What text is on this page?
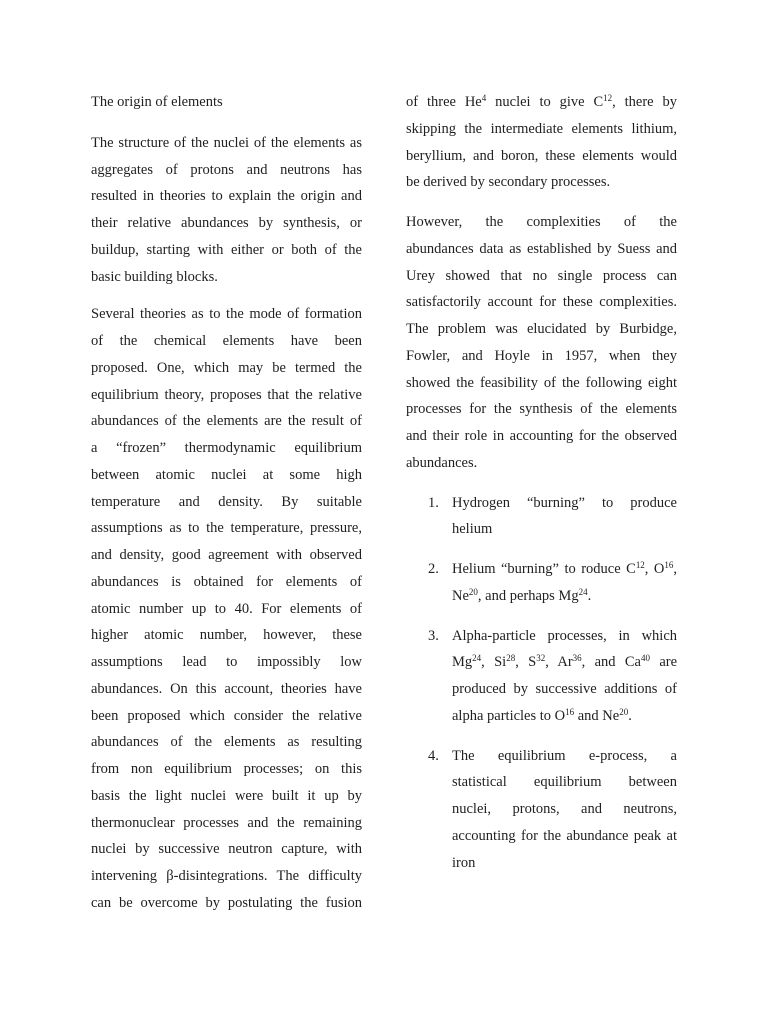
The origin of elements
The structure of the nuclei of the elements as
aggregates of protons and neutrons has
resulted in theories to explain the origin and
their relative abundances by synthesis, or
buildup, starting with either or both of the
basic building blocks.
Several theories as to the mode of formation
of the chemical elements have been
proposed. One, which may be termed the
equilibrium theory, proposes that the relative
abundances of the elements are the result of
a “frozen” thermodynamic equilibrium
between atomic nuclei at some high
temperature and density. By suitable
assumptions as to the temperature, pressure,
and density, good agreement with observed
abundances is obtained for elements of
atomic number up to 40. For elements of
higher atomic number, however, these
assumptions lead to impossibly low
abundances. On this account, theories have
been proposed which consider the relative
abundances of the elements as resulting
from non equilibrium processes; on this
basis the light nuclei were built it up by
thermonuclear processes and the remaining
nuclei by successive neutron capture, with
intervening β-disintegrations. The difficulty
can be overcome by postulating the fusion
of three He$^4$ nuclei to give $C^{12}$, there by
skipping the intermediate elements lithium,
beryllium, and boron, these elements would
be derived by secondary processes.
However, the complexities of the
abundances data as established by Suess and
Urey showed that no single process can
satisfactorily account for these complexities.
The problem was elucidated by Burbidge,
Fowler, and Hoyle in 1957, when they
showed the feasibility of the following eight
processes for the synthesis of the elements
and their role in accounting for the observed
abundances.
1. Hydrogen “burning” to produce
helium
2. Helium “burning” to roduce $C^{12}$, $O^{16}$,
Ne$^{20}$, and perhaps Mg$^{24}$.
3. Alpha-particle processes, in which
Mg$^{24}$, Si$^{28}$, $S^{32}$, Ar$^{36}$, and Ca$^{40}$ are
produced by successive additions of
alpha particles to $O^{16}$ and Ne$^{20}$.
4. The equilibrium e-process, a
statistical equilibrium between
nuclei, protons, and neutrons,
accounting for the abundance peak at
iron
